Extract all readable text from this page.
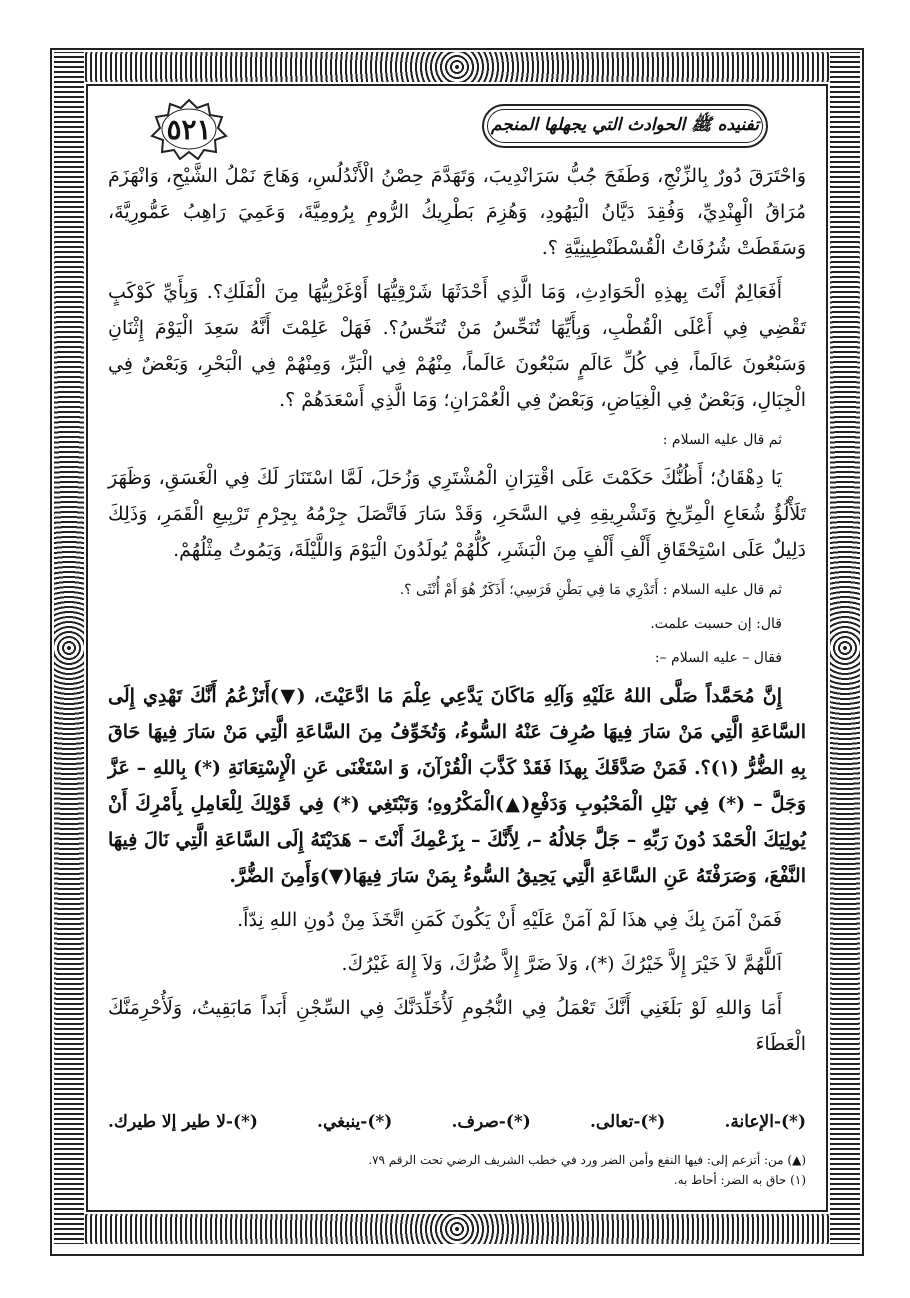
٥٢١	تفنيده ﷺ الحوادث التي يجهلها المنجم

وَاحْتَرَقَ دُورٌ بِالزِّنْجِ، وَطَفَحَ جُبُّ سَرَانْدِيبَ، وَتَهَدَّمَ حِصْنُ الْأَنْدُلُسِ، وَهَاجَ نَمْلُ الشَّيْحِ، وَانْهَزَمَ مُرَاقُ الْهِنْدِيِّ، وَفُقِدَ دَيَّانُ الْيَهُودِ، وَهُزِمَ بَطْرِيكُ الرُّومِ بِرُومِيَّةَ، وَعَمِيَ رَاهِبُ عَمُّورِيَّةَ، وَسَقَطَتْ شُرُفَاتُ الْقُسْطَنْطِينِيَّةِ ؟.

أَفَعَالِمٌ أَنْتَ بِهذِهِ الْحَوَادِثِ، وَمَا الَّذِي أَحْدَثَهَا شَرْقِيُّهَا أَوْغَرْبِيُّهَا مِنَ الْفَلَكِ؟. وَبِأَيِّ كَوْكَبٍ تَقْضِي فِي أَعْلَى الْقُطْبِ، وَبِأَيِّهَا تُنَحِّسُ مَنْ تُنَحِّسُ؟. فَهَلْ عَلِمْتَ أَنَّهُ سَعِدَ الْيَوْمَ إِثْنَانِ وَسَبْعُونَ عَالَماً، فِي كُلِّ عَالَمٍ سَبْعُونَ عَالَماً، مِنْهُمْ فِي الْبَرِّ، وَمِنْهُمْ فِي الْبَحْرِ، وَبَعْضٌ فِي الْجِبَالِ، وَبَعْضٌ فِي الْغِيَاضِ، وَبَعْضٌ فِي الْعُمْرَانِ؛ وَمَا الَّذِي أَسْعَدَهُمْ ؟.

ثم قال عليه السلام :

يَا دِهْقَانُ؛ أَظُنُّكَ حَكَمْتَ عَلَى اقْتِرَانِ الْمُشْتَرِي وَزُحَلَ، لَمَّا اسْتَنَارَ لَكَ فِي الْغَسَقِ، وَظَهَرَ تَلَأْلُؤُ شُعَاعِ الْمِرِّيخِ وَتَشْرِيقِهِ فِي السَّحَرِ، وَقَدْ سَارَ فَاتَّصَلَ جِرْمُهُ بِجِرْمِ تَرْبِيعِ الْقَمَرِ، وَذَلِكَ دَلِيلٌ عَلَى اسْتِحْقَاقِ أَلْفِ أَلْفٍ مِنَ الْبَشَرِ، كُلُّهُمْ يُولَدُونَ الْيَوْمَ وَاللَّيْلَةَ، وَيَمُوتُ مِثْلُهُمْ.

ثم قال عليه السلام : أَتَدْرِي مَا فِي بَطْنِ فَرَسِي؛ أَذَكَرٌ هُوَ أَمْ أُنْثَى ؟.

قال: إن حسبت علمت.

فقال – عليه السلام –:

إِنَّ مُحَمَّداً صَلَّى اللهُ عَلَيْهِ وَآلِهِ مَاكَانَ يَدَّعِي عِلْمَ مَا ادَّعَيْتَ، (▼)أَتَزْعُمُ أَنَّكَ تَهْدِي إِلَى السَّاعَةِ الَّتِي مَنْ سَارَ فِيهَا صُرِفَ عَنْهُ السُّوءُ، وَتُخَوِّفُ مِنَ السَّاعَةِ الَّتِي مَنْ سَارَ فِيهَا حَاقَ بِهِ الضُّرُّ (١)؟. فَمَنْ صَدَّقَكَ بِهذَا فَقَدْ كَذَّبَ الْقُرْآنَ، وَ اسْتَغْنَى عَنِ الْإِسْتِعَانَةِ (*) بِاللهِ – عَزَّ وَجَلَّ – (*) فِي نَيْلِ الْمَحْبُوبِ وَدَفْعِ(▲)الْمَكْرُوهِ؛ وَتَبْتَغِي (*) فِي قَوْلِكَ لِلْعَامِلِ بِأَمْرِكَ أَنْ يُولِيَكَ الْحَمْدَ دُونَ رَبِّهِ – جَلَّ جَلالُهُ –، لِأَنَّكَ – بِزَعْمِكَ أَنْتَ – هَدَيْتَهُ إِلَى السَّاعَةِ الَّتِي نَالَ فِيهَا النَّفْعَ، وَصَرَفْتَهُ عَنِ السَّاعَةِ الَّتِي يَحِيقُ السُّوءُ بِمَنْ سَارَ فِيهَا(▼)وَأَمِنَ الضُّرَّ.

فَمَنْ آمَنَ بِكَ فِي هذَا لَمْ آمَنْ عَلَيْهِ أَنْ يَكُونَ كَمَنِ اتَّخَذَ مِنْ دُونِ اللهِ نِدّاً.

اَللَّهُمَّ لاَ خَيْرَ إِلاَّ خَيْرُكَ (*)، وَلاَ ضَرَّ إِلاَّ ضُرُّكَ، وَلاَ إِلهَ غَيْرُكَ.

أَمَا وَاللهِ لَوْ بَلَغَنِي أَنَّكَ تَعْمَلُ فِي النُّجُومِ لَأُخَلِّدَنَّكَ فِي السِّجْنِ أَبَداً مَابَقِيتُ، وَلَأُحْرِمَنَّكَ الْعَطَاءَ

(*)-الإعانة.
(*)-تعالى.
(*)-صرف.
(*)-ينبغي.
(*)-لا طير إلا طيرك.
(▲) من: أتزعم إلى: فيها النفع وأمن الضر ورد في خطب الشريف الرضي تحت الرقم ٧٩.
(١) حاق به الضر: أحاط به.
